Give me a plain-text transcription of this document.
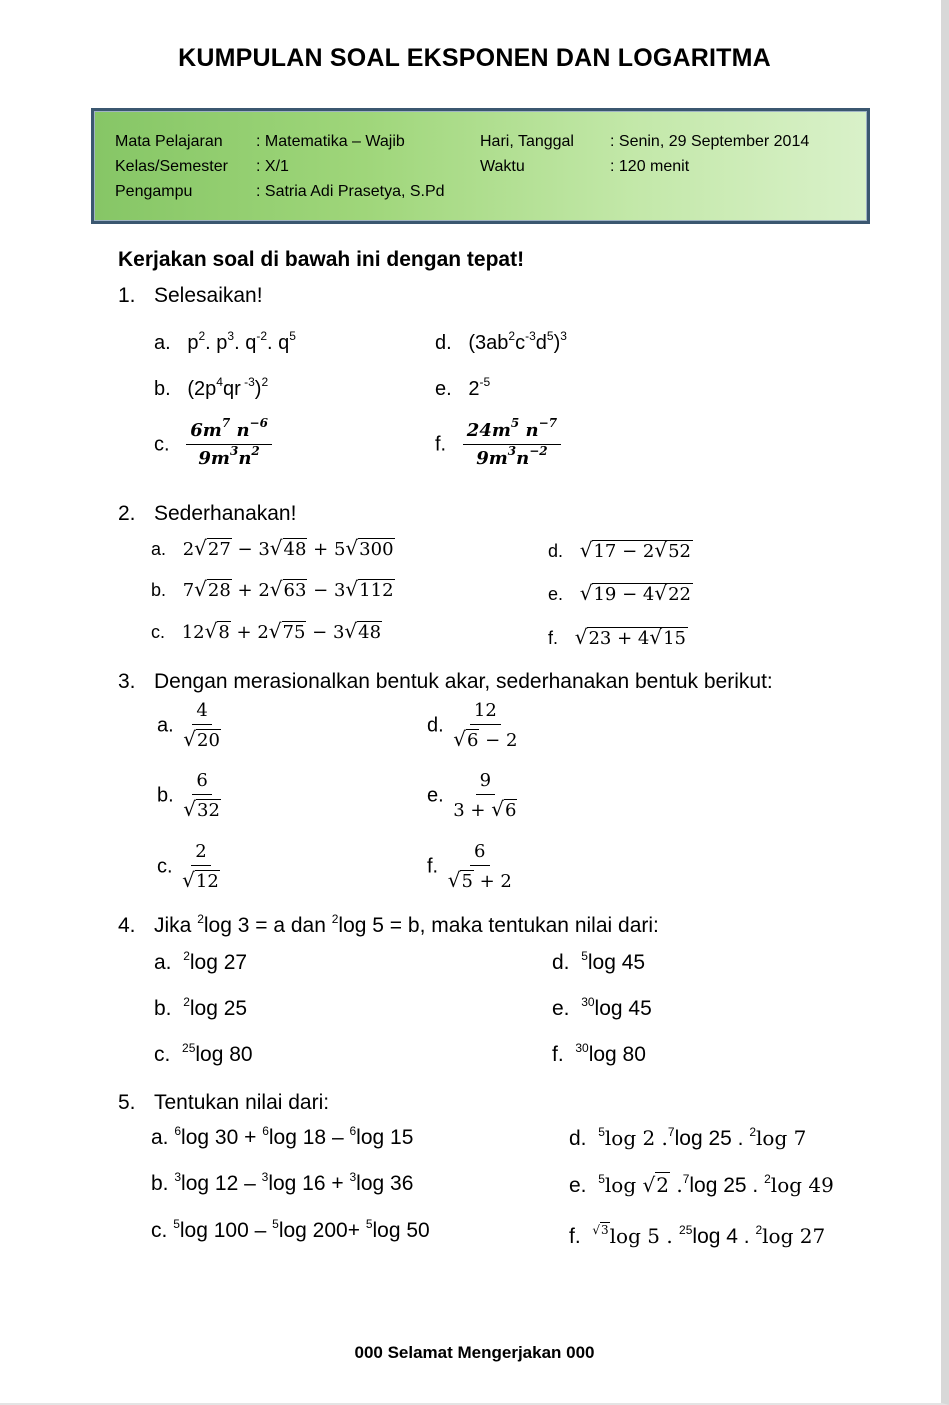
KUMPULAN SOAL EKSPONEN DAN LOGARITMA
Mata Pelajaran : Matematika – Wajib
Kelas/Semester : X/1
Pengampu	: Satria Adi Prasetya, S.Pd
Hari, Tanggal : Senin, 29 September 2014
Waktu	: 120 menit
Kerjakan soal di bawah ini dengan tepat!
1. Selesaikan!
a.   $p^2$. $p^3$. $q^{-2}$. $q^5$
b.   ($2p^4qr$ $^{-3}$)$^2$
c. $\frac{6m^7 n^{-6}}{9m^3n^2}$
d.   $(3ab^2c^{-3}d^5)^3$
e.   $2^{-5}$
f. $\frac{24m^5 n^{-7}}{9m^3n^{-2}}$
2. Sederhanakan!
a. 2√27 − 3√48 + 5√300
b. 7√28 + 2√63 − 3√112
c. 12√8 + 2√75 − 3√48
d. √17 − 2√52
e. √19 − 4√22
f. √23 + 4√15
3. Dengan merasionalkan bentuk akar, sederhanakan bentuk berikut:
a. $\frac{4}{√20}$
b. $\frac{6}{√32}$
c. $\frac{2}{√12}$
d. $\frac{12}{√6 - 2}$
e. $\frac{9}{3 + √6}$
f. $\frac{6}{√5 + 2}$
4. Jika $^2$log 3 = a dan $^2$log 5 = b, maka tentukan nilai dari:
a. $^2$log 27
b. $^2$log 25
c. $^{25}$log 80
d. $^5$log 45
e. $^{30}$log 45
f. $^{30}$log 80
5. Tentukan nilai dari:
a. $^6$log 30 + $^6$log 18 – $^6$log 15
b. $^3$log 12 – $^3$log 16 + $^3$log 36
c. $^5$log 100 – $^5$log 200+ $^5$log 50
d. $^5$log 2 .$^7$log 25 . $^2$log 7
e. $^5$log √2 .$^7$log 25 . $^2$log 49
f. $^{√3}$log 5 . $^{25}$log 4 . $^2$log 27
000 Selamat Mengerjakan 000
